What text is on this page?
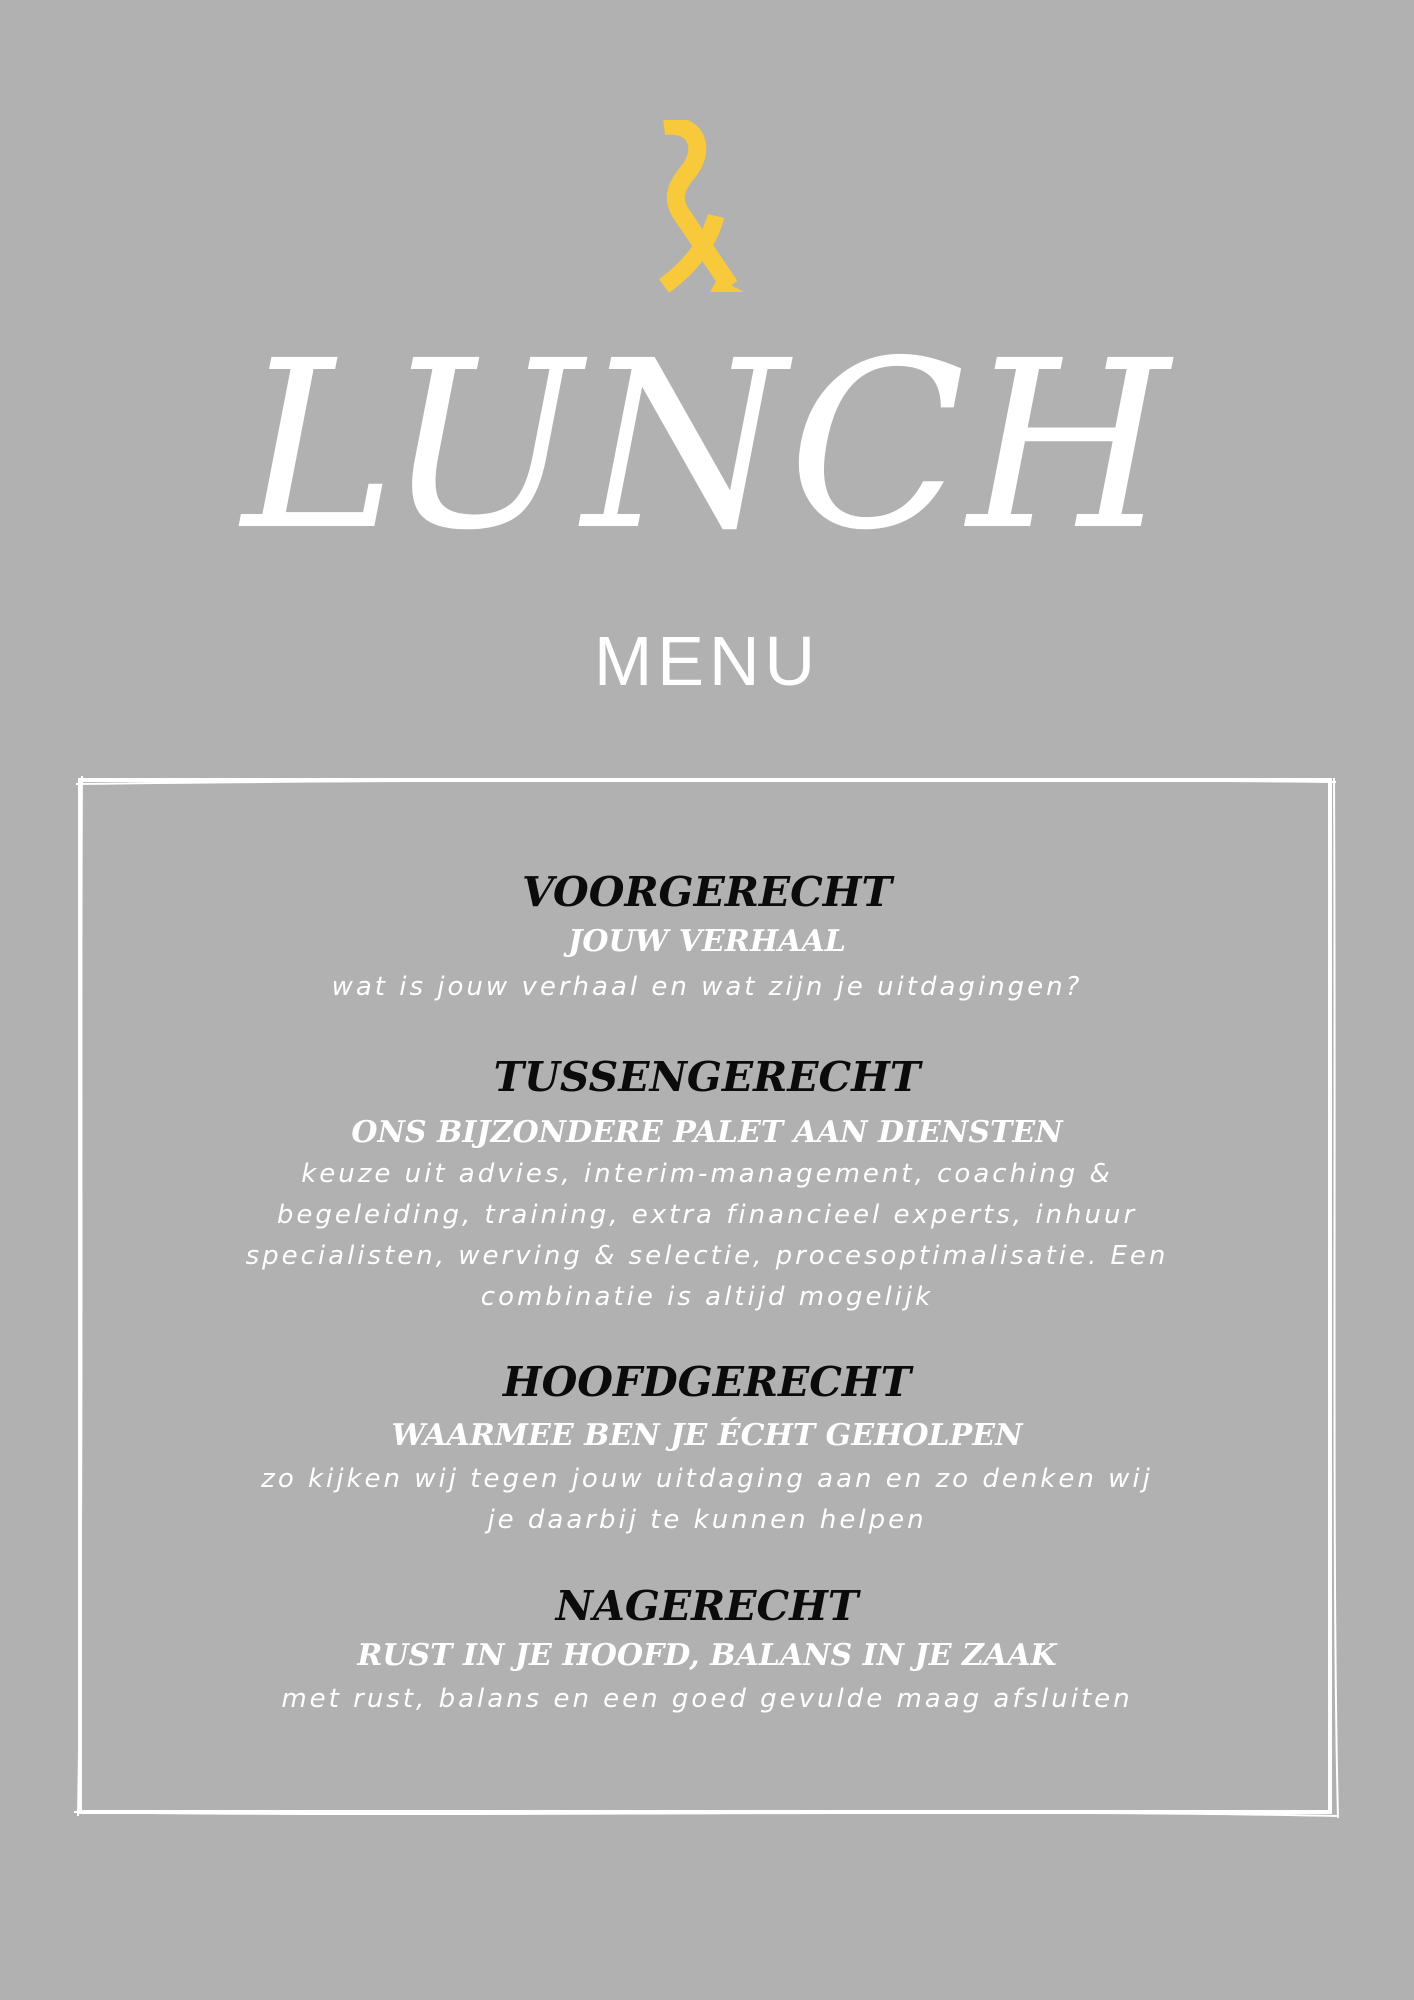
LUNCH
MENU
VOORGERECHT
JOUW VERHAAL
wat is jouw verhaal en wat zijn je uitdagingen?
TUSSENGERECHT
ONS BIJZONDERE PALET AAN DIENSTEN
keuze uit advies, interim-management, coaching &
begeleiding, training, extra financieel experts, inhuur
specialisten, werving & selectie, procesoptimalisatie. Een
combinatie is altijd mogelijk
HOOFDGERECHT
WAARMEE BEN JE ÉCHT GEHOLPEN
zo kijken wij tegen jouw uitdaging aan en zo denken wij
je daarbij te kunnen helpen
NAGERECHT
RUST IN JE HOOFD, BALANS IN JE ZAAK
met rust, balans en een goed gevulde maag afsluiten
